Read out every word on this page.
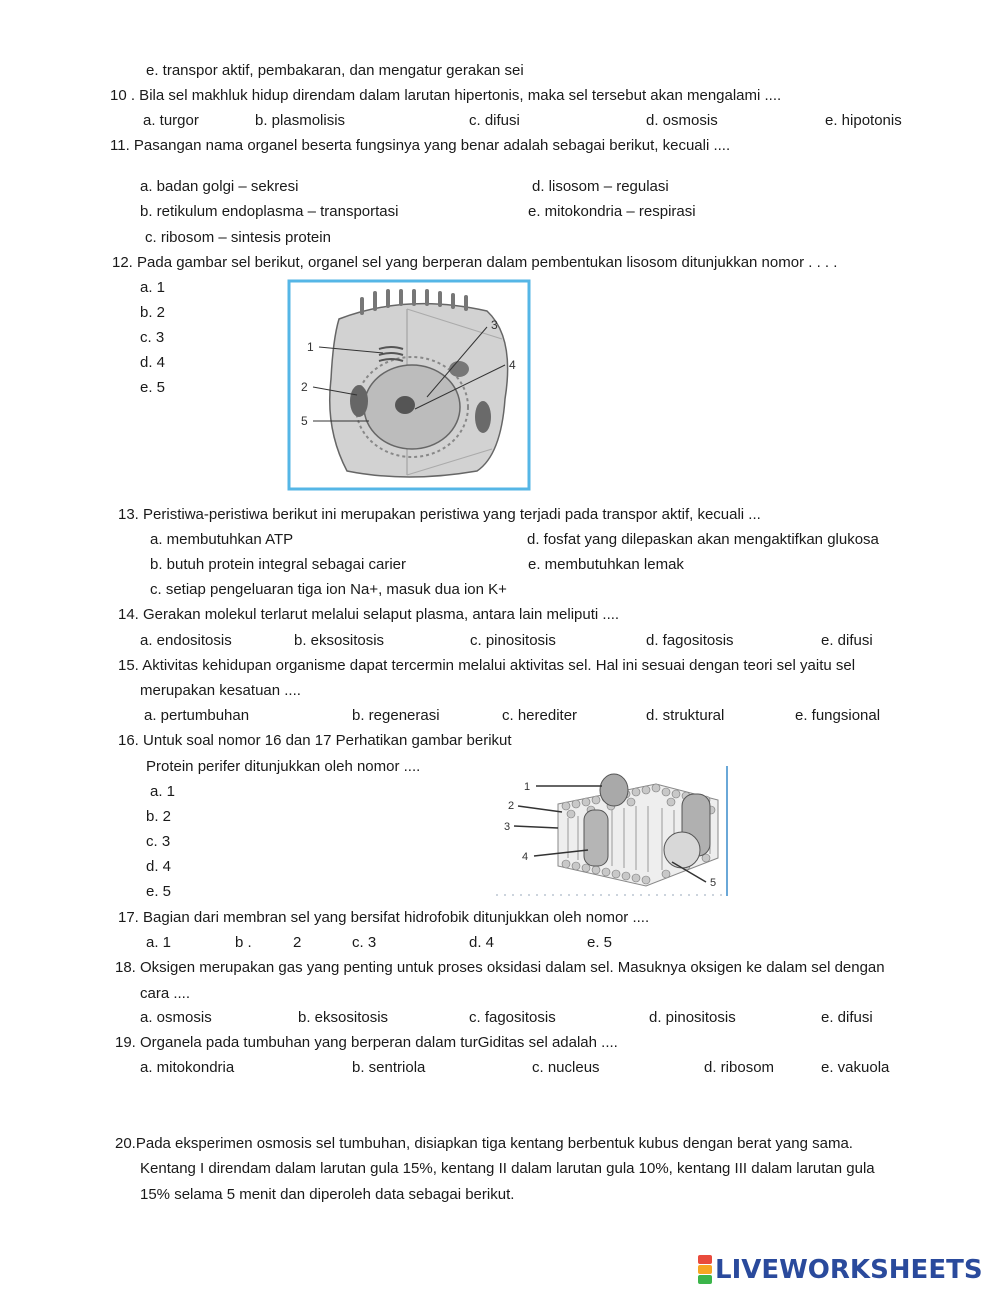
e. transpor aktif, pembakaran, dan mengatur gerakan sei
10 . Bila sel makhluk hidup direndam dalam larutan hipertonis, maka sel tersebut akan mengalami ....
a. turgor	b. plasmolisis	c. difusi	d. osmosis	e. hipotonis
11. Pasangan nama organel beserta fungsinya yang benar adalah sebagai berikut, kecuali ....
a. badan golgi – sekresi	d. lisosom – regulasi
b. retikulum endoplasma – transportasi	e. mitokondria – respirasi
c. ribosom – sintesis protein
12. Pada gambar sel berikut, organel sel yang berperan dalam pembentukan lisosom ditunjukkan nomor . . . .
a. 1
b. 2
c. 3
d. 4
e. 5
1
2
3
4
5
13. Peristiwa-peristiwa berikut ini merupakan peristiwa yang terjadi pada transpor aktif, kecuali ...
a. membutuhkan ATP	d. fosfat yang dilepaskan akan mengaktifkan glukosa
b. butuh protein integral sebagai carier	e. membutuhkan lemak
c. setiap pengeluaran tiga ion Na+, masuk dua ion K+
14. Gerakan molekul terlarut melalui selaput plasma, antara lain meliputi ....
a. endositosis	b. eksositosis	c. pinositosis	d. fagositosis	e. difusi
15. Aktivitas kehidupan organisme dapat tercermin melalui aktivitas sel. Hal ini sesuai dengan teori sel yaitu sel
merupakan kesatuan ....
a. pertumbuhan	b. regenerasi	c. herediter	d. struktural	e. fungsional
16. Untuk soal nomor 16 dan 17 Perhatikan gambar berikut
Protein perifer ditunjukkan oleh nomor ....
a. 1
b. 2
c. 3
d. 4
e. 5
1
2
3
4
5
17. Bagian dari membran sel yang bersifat hidrofobik ditunjukkan oleh nomor ....
a. 1	b .	2	c. 3	d. 4	e. 5
18. Oksigen merupakan gas yang penting untuk proses oksidasi dalam sel. Masuknya oksigen ke dalam sel dengan
cara ....
a. osmosis	b. eksositosis	c. fagositosis	d. pinositosis	e. difusi
19. Organela pada tumbuhan yang berperan dalam turGiditas sel adalah ....
a. mitokondria	b. sentriola	c. nucleus	d. ribosom	e. vakuola
20.Pada eksperimen osmosis sel tumbuhan, disiapkan tiga kentang berbentuk kubus dengan berat yang sama.
Kentang I direndam dalam larutan gula 15%, kentang II dalam larutan gula 10%, kentang III dalam larutan gula
15% selama 5 menit dan diperoleh data sebagai berikut.
LIVEWORKSHEETS
